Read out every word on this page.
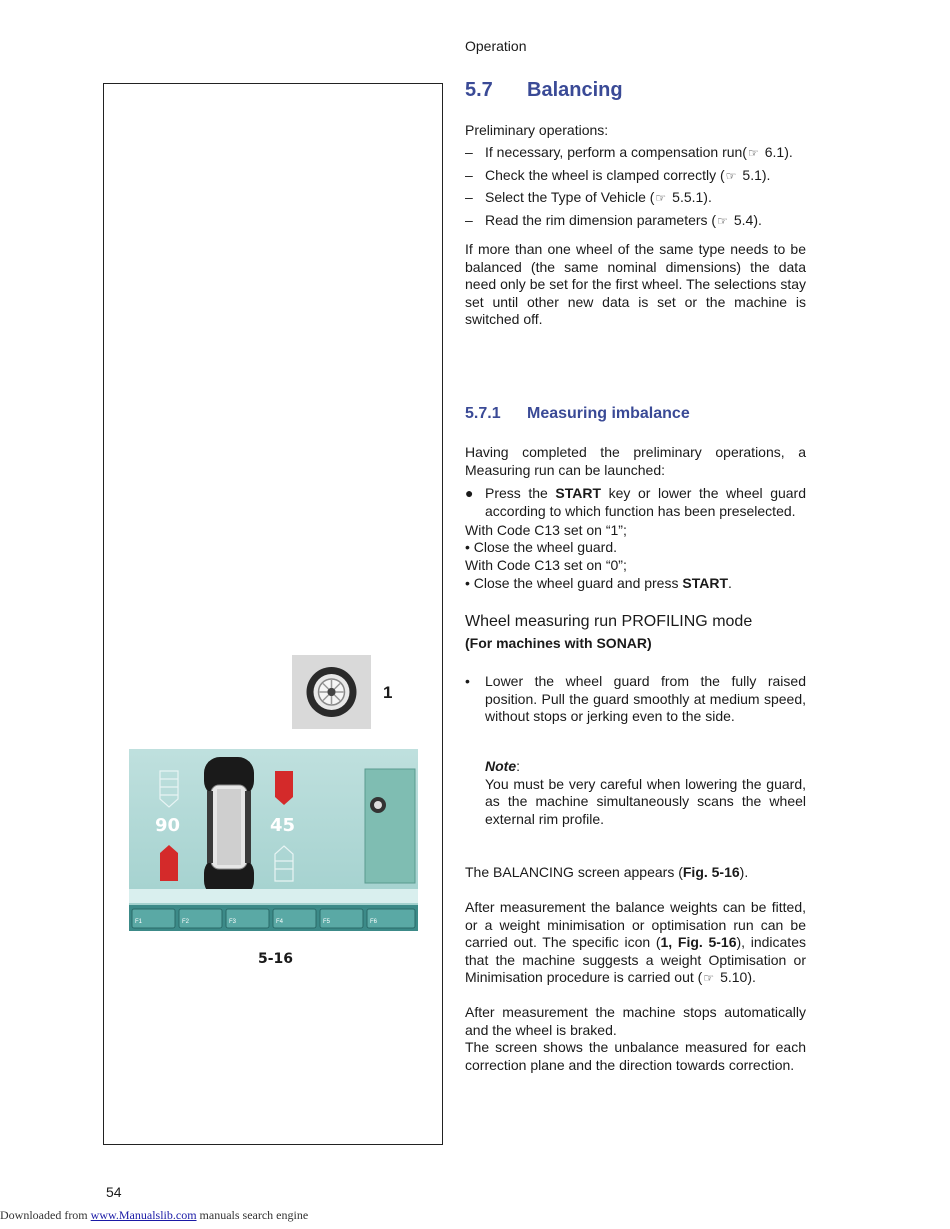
Operation
5.7 Balancing
Preliminary operations:
– If necessary, perform a compensation run(☞ 6.1).
– Check the wheel is clamped correctly (☞ 5.1).
– Select the Type of Vehicle (☞ 5.5.1).
– Read the rim dimension parameters (☞ 5.4).
If more than one wheel of the same type needs to be balanced (the same nominal dimensions) the data need only be set for the first wheel. The selections stay set until other new data is set or the machine is switched off.
5.7.1 Measuring imbalance
Having completed the preliminary operations, a Measuring run can be launched:
● Press the START key or lower the wheel guard according to which function has been preselected.
With Code C13 set on “1”;
• Close the wheel guard.
With Code C13 set on “0”;
• Close the wheel guard and press START.
Wheel measuring run PROFILING mode
(For machines with SONAR)
• Lower the wheel guard from the fully raised position. Pull the guard smoothly at medium speed, without stops or jerking even to the side.
Note:
You must be very careful when lowering the guard, as the machine simultaneously scans the wheel external rim profile.
The BALANCING screen appears (Fig. 5-16).
After measurement the balance weights can be fitted, or a weight minimisation or optimisation run can be carried out. The specific icon (1, Fig. 5-16), indicates that the machine suggests a weight Optimisation or Minimisation procedure is carried out (☞ 5.10).
After measurement the machine stops automatically and the wheel is braked.
The screen shows the unbalance measured for each correction plane and the direction towards correction.
1
90	45
F1	F2	F3	F4	F5	F6
5-16
54
Downloaded from www.Manualslib.com manuals search engine
